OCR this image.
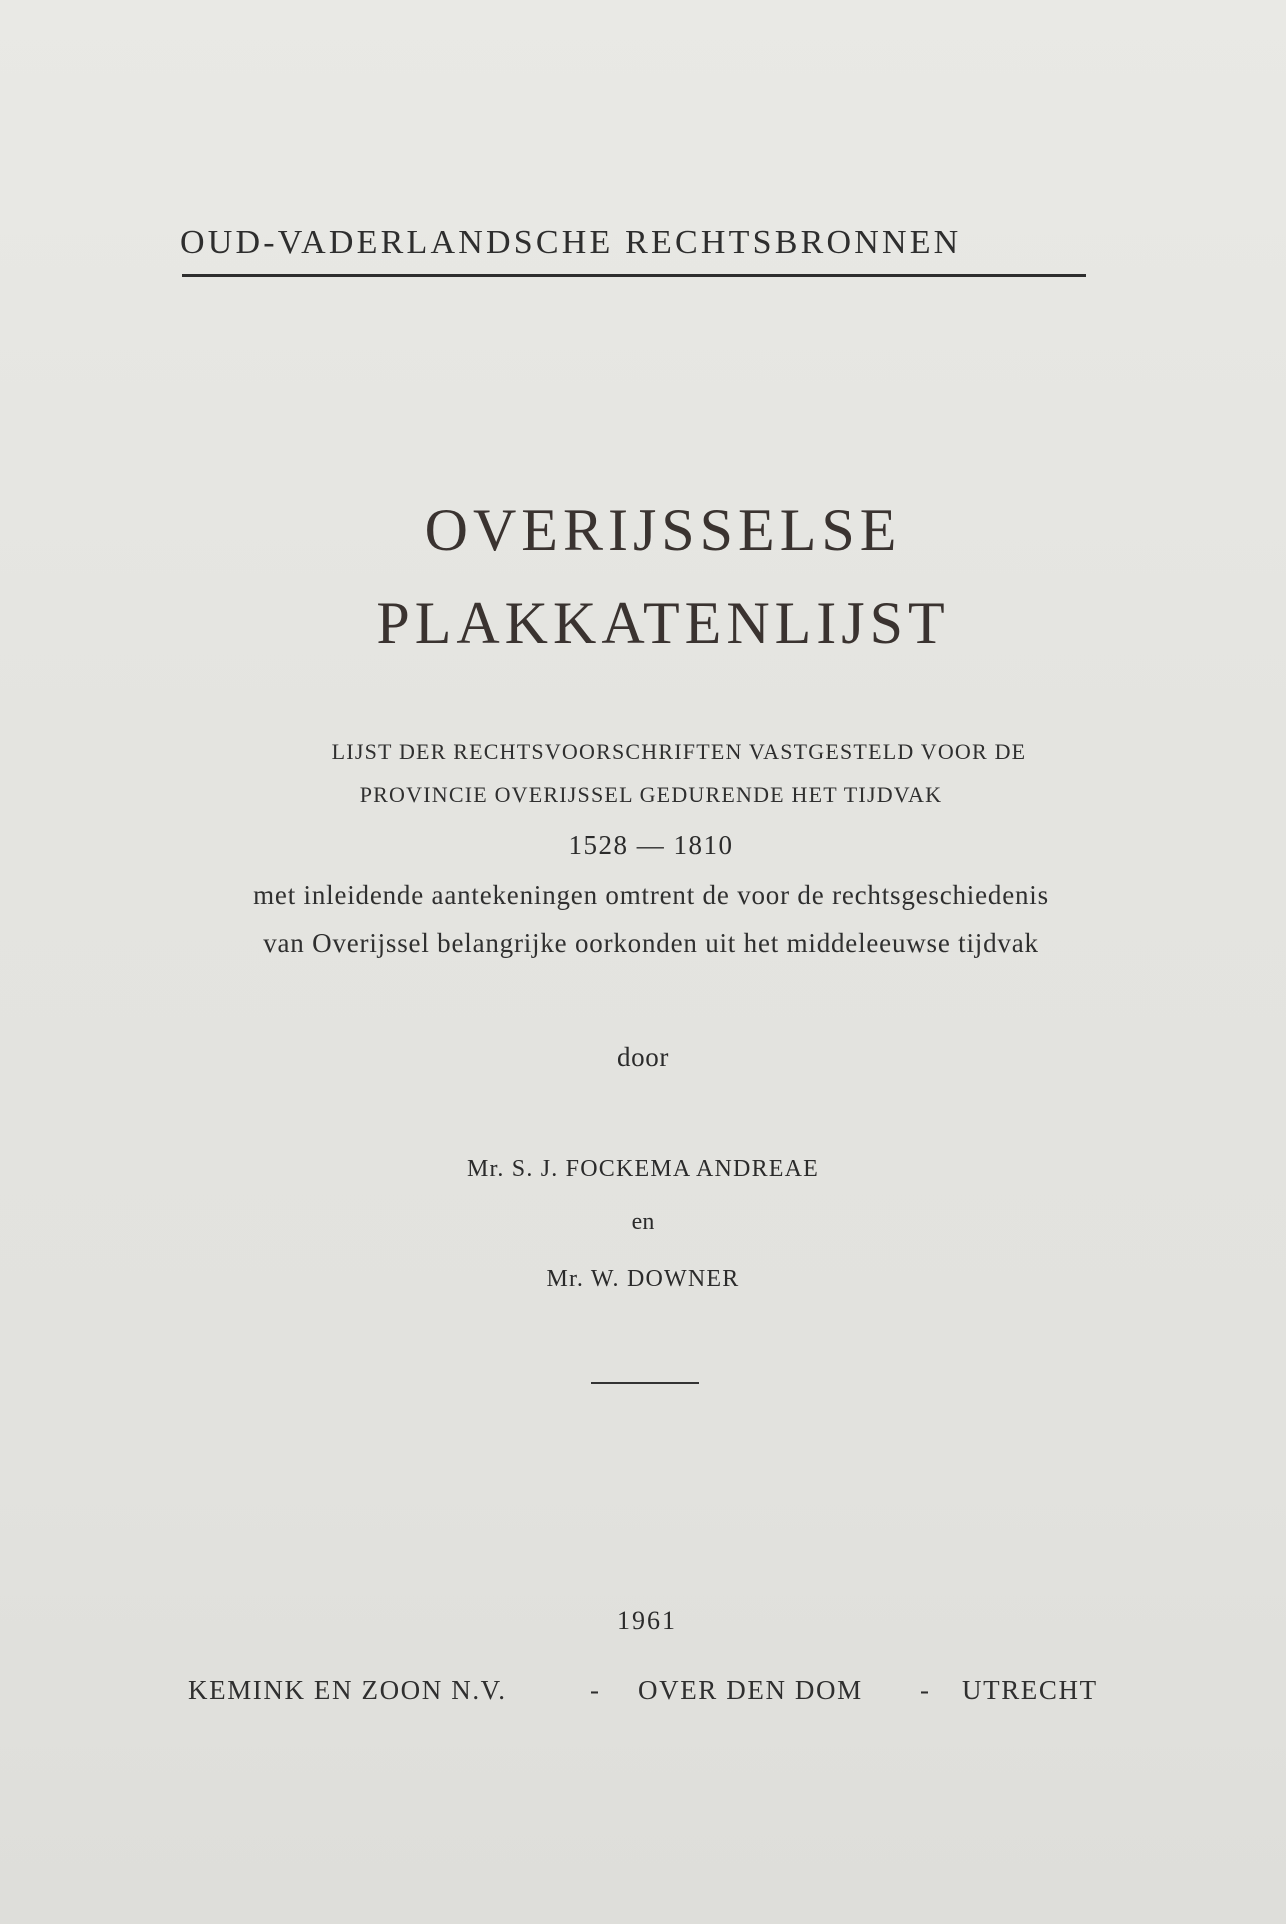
OUD-VADERLANDSCHE RECHTSBRONNEN
OVERIJSSELSE
PLAKKATENLIJST
LIJST DER RECHTSVOORSCHRIFTEN VASTGESTELD VOOR DE
PROVINCIE OVERIJSSEL GEDURENDE HET TIJDVAK
1528 — 1810
met inleidende aantekeningen omtrent de voor de rechtsgeschiedenis
van Overijssel belangrijke oorkonden uit het middeleeuwse tijdvak
door
Mr. S. J. FOCKEMA ANDREAE
en
Mr. W. DOWNER
1961
KEMINK EN ZOON N.V.	- OVER DEN DOM - UTRECHT
